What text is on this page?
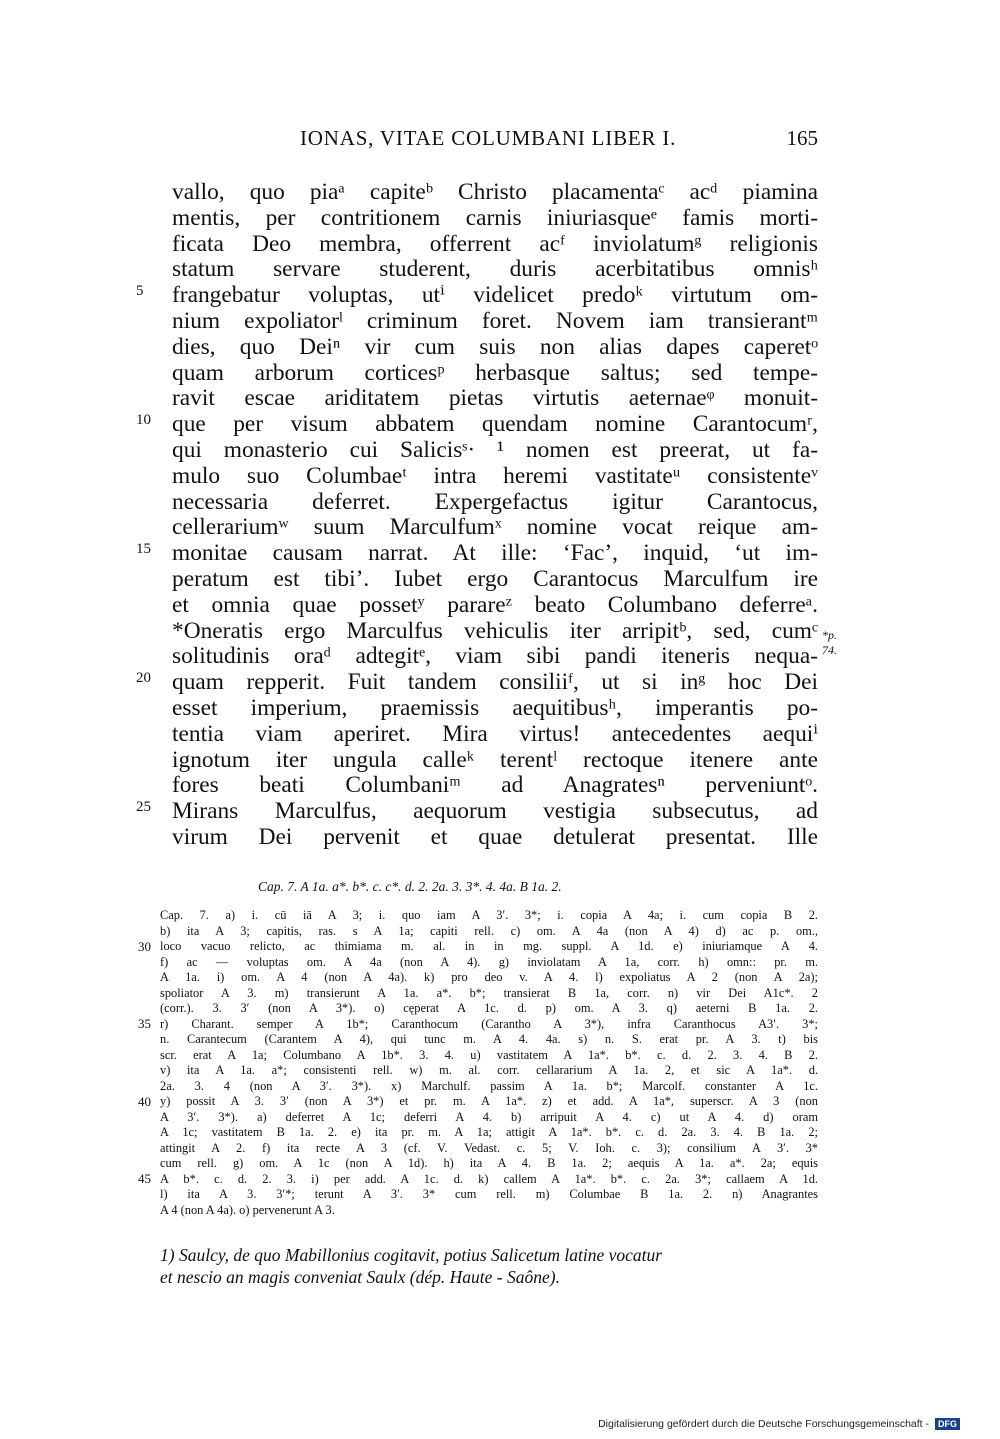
IONAS, VITAE COLUMBANI LIBER I.	165
vallo, quo piaᵃ capiteᵇ Christo placamentaᶜ acᵈ piamina
mentis, per contritionem carnis iniuriasqueᵉ famis morti-
ficata Deo membra, offerrent acᶠ inviolatumᵍ religionis
statum servare studerent, duris acerbitatibus omnisʰ
frangebatur voluptas, utⁱ videlicet predoᵏ virtutum om-
nium expoliatorˡ criminum foret. Novem iam transierantᵐ
dies, quo Deiⁿ vir cum suis non alias dapes caperetᵒ
quam arborum corticesᵖ herbasque saltus; sed tempe-
ravit escae ariditatem pietas virtutis aeternaeᵠ monuit-
que per visum abbatem quendam nomine Carantocumʳ,
qui monasterio cui Salicisˢ· ¹ nomen est preerat, ut fa-
mulo suo Columbaeᵗ intra heremi vastitateᵘ consistenteᵛ
necessaria deferret. Expergefactus igitur Carantocus,
cellerariumʷ suum Marculfumˣ nomine vocat reique am-
monitae causam narrat. At ille: ‘Fac’, inquid, ‘ut im-
peratum est tibi’. Iubet ergo Carantocus Marculfum ire
et omnia quae possetʸ parareᶻ beato Columbano deferreᵃ.
*Oneratis ergo Marculfus vehiculis iter arripitᵇ, sed, cumᶜ
solitudinis oraᵈ adtegitᵉ, viam sibi pandi iteneris nequa-
quam repperit. Fuit tandem consiliiᶠ, ut si inᵍ hoc Dei
esset imperium, praemissis aequitibusʰ, imperantis po-
tentia viam aperiret. Mira virtus! antecedentes aequiⁱ
ignotum iter ungula calleᵏ terentˡ rectoque itenere ante
fores beati Columbaniᵐ ad Anagratesⁿ perveniuntᵒ.
Mirans Marculfus, aequorum vestigia subsecutus, ad
virum Dei pervenit et quae detulerat presentat. Ille
5
10
15
20
25
*p. 74.
Cap. 7. A 1a. a*. b*. c. c*. d. 2. 2a. 3. 3*. 4. 4a. B 1a. 2.
Cap. 7. a) i. cū iā A 3; i. quo iam A 3′. 3*; i. copia A 4a; i. cum copia B 2.
b) ita A 3; capitis, ras. s A 1a; capiti rell. c) om. A 4a (non A 4) d) ac p. om.,
loco vacuo relicto, ac thimiama m. al. in in mg. suppl. A 1d. e) iniuriamque A 4.
f) ac — voluptas om. A 4a (non A 4). g) inviolatam A 1a, corr. h) omn:: pr. m.
A 1a. i) om. A 4 (non A 4a). k) pro deo v. A 4. l) expoliatus A 2 (non A 2a);
spoliator A 3. m) transierunt A 1a. a*. b*; transierat B 1a, corr. n) vir Dei A1c*. 2
(corr.). 3. 3′ (non A 3*). o) cęperat A 1c. d. p) om. A 3. q) aeterni B 1a. 2.
r) Charant. semper A 1b*; Caranthocum (Carantho A 3*), infra Caranthocus A3′. 3*;
n. Carantecum (Carantem A 4), qui tunc m. A 4. 4a. s) n. S. erat pr. A 3. t) bis
scr. erat A 1a; Columbano A 1b*. 3. 4. u) vastitatem A 1a*. b*. c. d. 2. 3. 4. B 2.
v) ita A 1a. a*; consistenti rell. w) m. al. corr. cellararium A 1a. 2, et sic A 1a*. d.
2a. 3. 4 (non A 3′. 3*). x) Marchulf. passim A 1a. b*; Marcolf. constanter A 1c.
y) possit A 3. 3′ (non A 3*) et pr. m. A 1a*. z) et add. A 1a*, superscr. A 3 (non
A 3′. 3*). a) deferret A 1c; deferri A 4. b) arripuit A 4. c) ut A 4. d) oram
A 1c; vastitatem B 1a. 2. e) ita pr. m. A 1a; attigit A 1a*. b*. c. d. 2a. 3. 4. B 1a. 2;
attingit A 2. f) ita recte A 3 (cf. V. Vedast. c. 5; V. Ioh. c. 3); consilium A 3′. 3*
cum rell. g) om. A 1c (non A 1d). h) ita A 4. B 1a. 2; aequis A 1a. a*. 2a; equis
A b*. c. d. 2. 3. i) per add. A 1c. d. k) callem A 1a*. b*. c. 2a. 3*; callaem A 1d.
l) ita A 3. 3′*; terunt A 3′. 3* cum rell. m) Columbae B 1a. 2. n) Anagrantes
A 4 (non A 4a). o) pervenerunt A 3.
30
35
40
45
1) Saulcy, de quo Mabillonius cogitavit, potius Salicetum latine vocatur
et nescio an magis conveniat Saulx (dép. Haute - Saône).
Digitalisierung gefördert durch die Deutsche Forschungsgemeinschaft -	DFG
